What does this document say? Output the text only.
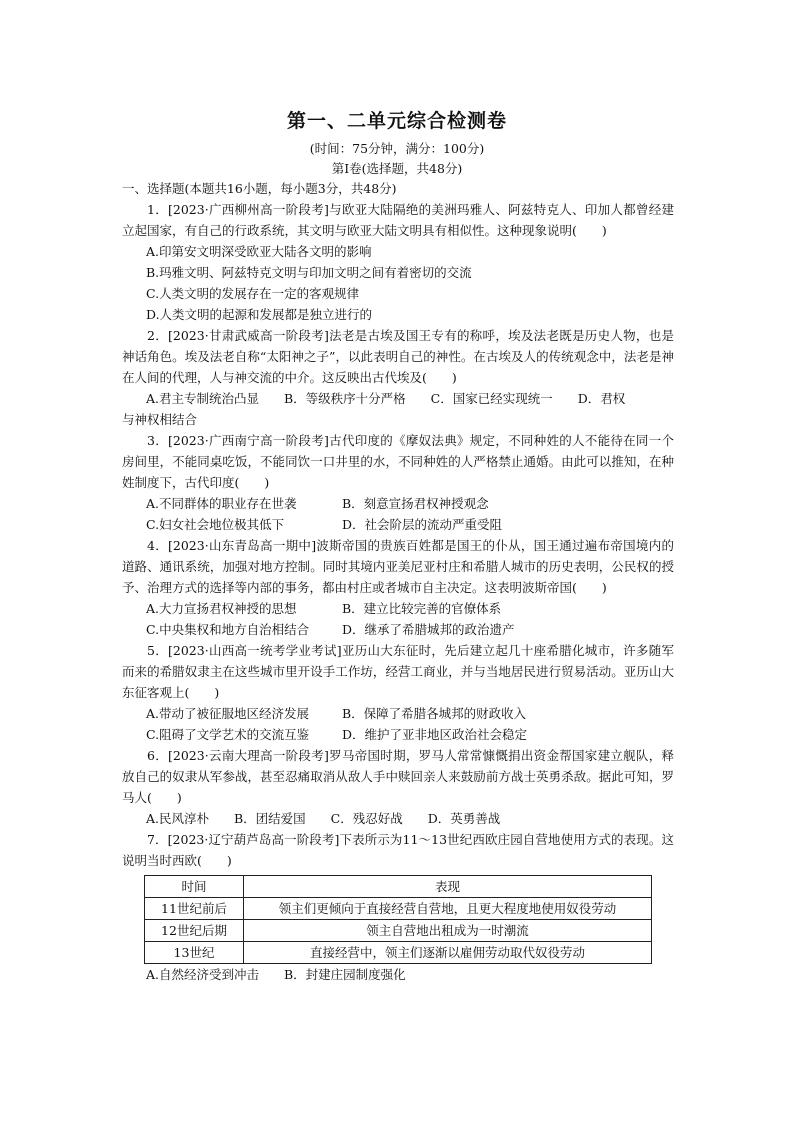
第一、二单元综合检测卷
(时间：75分钟，满分：100分)
第Ⅰ卷(选择题，共48分)

一、选择题(本题共16小题，每小题3分，共48分)

1．[2023·广西柳州高一阶段考]与欧亚大陆隔绝的美洲玛雅人、阿兹特克人、印加人都曾经建立起国家，有自己的行政系统，其文明与欧亚大陆文明具有相似性。这种现象说明(　　)

A.印第安文明深受欧亚大陆各文明的影响

B.玛雅文明、阿兹特克文明与印加文明之间有着密切的交流

C.人类文明的发展存在一定的客观规律

D.人类文明的起源和发展都是独立进行的

2．[2023·甘肃武威高一阶段考]法老是古埃及国王专有的称呼，埃及法老既是历史人物，也是神话角色。埃及法老自称“太阳神之子”，以此表明自己的神性。在古埃及人的传统观念中，法老是神在人间的代理，人与神交流的中介。这反映出古代埃及(　　)

A.君主专制统治凸显　　B．等级秩序十分严格　　C．国家已经实现统一　　D．君权

与神权相结合

3．[2023·广西南宁高一阶段考]古代印度的《摩奴法典》规定，不同种姓的人不能待在同一个房间里，不能同桌吃饭，不能同饮一口井里的水，不同种姓的人严格禁止通婚。由此可以推知，在种姓制度下，古代印度(　　)

A.不同群体的职业存在世袭	B．刻意宣扬君权神授观念
C.妇女社会地位极其低下	D．社会阶层的流动严重受阻

4．[2023·山东青岛高一期中]波斯帝国的贵族百姓都是国王的仆从，国王通过遍布帝国境内的道路、通讯系统，加强对地方控制。同时其境内亚美尼亚村庄和希腊人城市的历史表明，公民权的授予、治理方式的选择等内部的事务，都由村庄或者城市自主决定。这表明波斯帝国(　　)

A.大力宣扬君权神授的思想	B．建立比较完善的官僚体系
C.中央集权和地方自治相结合	D．继承了希腊城邦的政治遗产

5．[2023·山西高一统考学业考试]亚历山大东征时，先后建立起几十座希腊化城市，许多随军而来的希腊奴隶主在这些城市里开设手工作坊，经营工商业，并与当地居民进行贸易活动。亚历山大东征客观上(　　)

A.带动了被征服地区经济发展	B．保障了希腊各城邦的财政收入
C.阻碍了文学艺术的交流互鉴	D．维护了亚非地区政治社会稳定

6．[2023·云南大理高一阶段考]罗马帝国时期，罗马人常常慷慨捐出资金帮国家建立舰队，释放自己的奴隶从军参战，甚至忍痛取消从敌人手中赎回亲人来鼓励前方战士英勇杀敌。据此可知，罗马人(　　)

A.民风淳朴　　B．团结爱国　　C．残忍好战　　D．英勇善战

7．[2023·辽宁葫芦岛高一阶段考]下表所示为11～13世纪西欧庄园自营地使用方式的表现。这说明当时西欧(　　)

时间	表现
11世纪前后	领主们更倾向于直接经营自营地，且更大程度地使用奴役劳动
12世纪后期	领主自营地出租成为一时潮流
13世纪	直接经营中，领主们逐渐以雇佣劳动取代奴役劳动

A.自然经济受到冲击　　B．封建庄园制度强化
